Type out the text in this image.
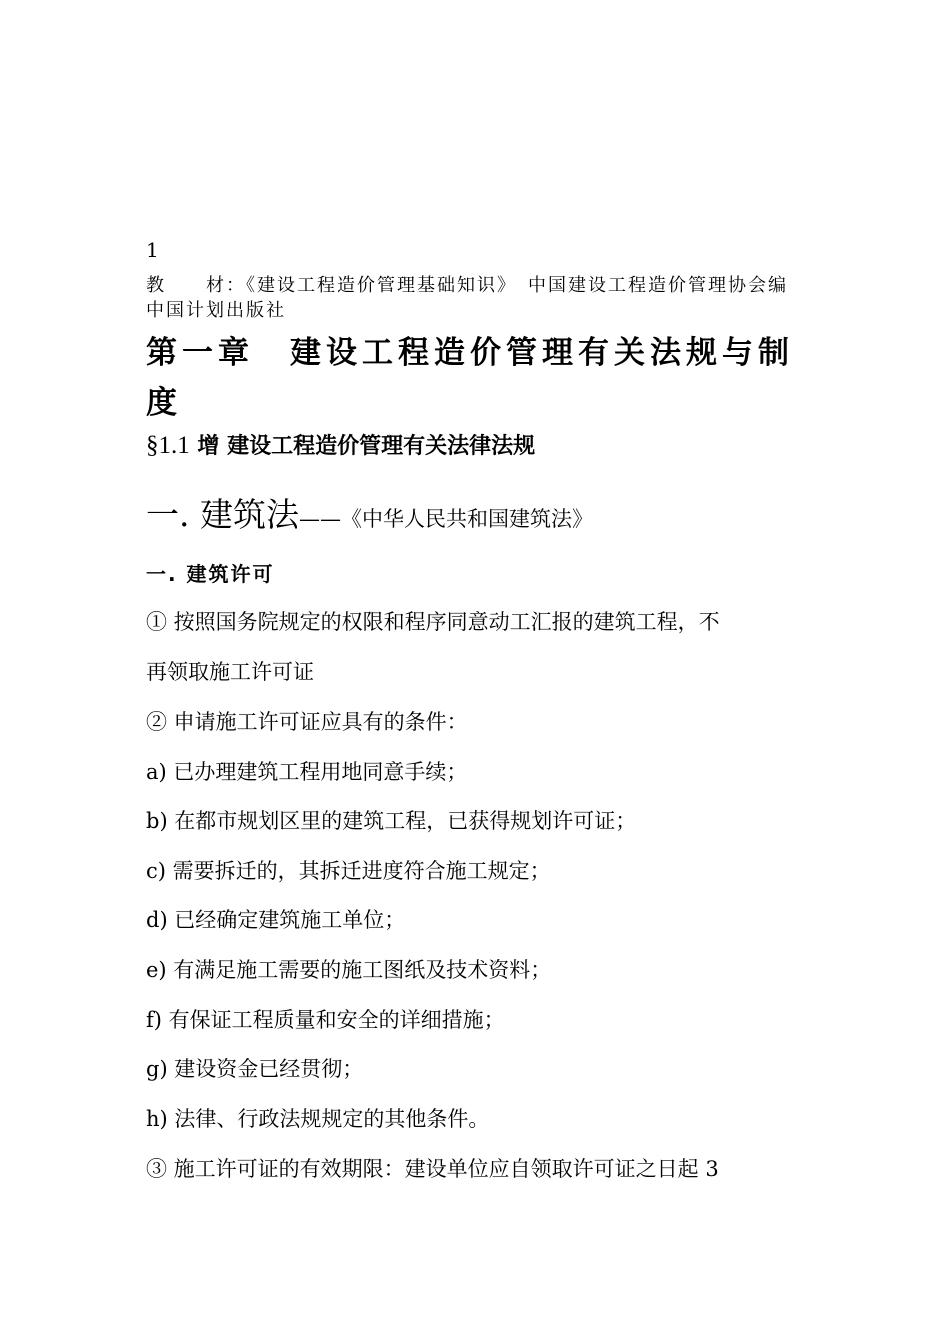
1
教　　材：《建设工程造价管理基础知识》　中国建设工程造价管理协会编　中国计划出版社
第一章　建设工程造价管理有关法规与制度
§1.1 增 建设工程造价管理有关法律法规
一. 建筑法——《中华人民共和国建筑法》
一. 建筑许可
① 按照国务院规定的权限和程序同意动工汇报的建筑工程，不
再领取施工许可证
② 申请施工许可证应具有的条件：
a) 已办理建筑工程用地同意手续；
b) 在都市规划区里的建筑工程，已获得规划许可证；
c) 需要拆迁的，其拆迁进度符合施工规定；
d) 已经确定建筑施工单位；
e) 有满足施工需要的施工图纸及技术资料；
f) 有保证工程质量和安全的详细措施；
g) 建设资金已经贯彻；
h) 法律、行政法规规定的其他条件。
③ 施工许可证的有效期限：建设单位应自领取许可证之日起 3
